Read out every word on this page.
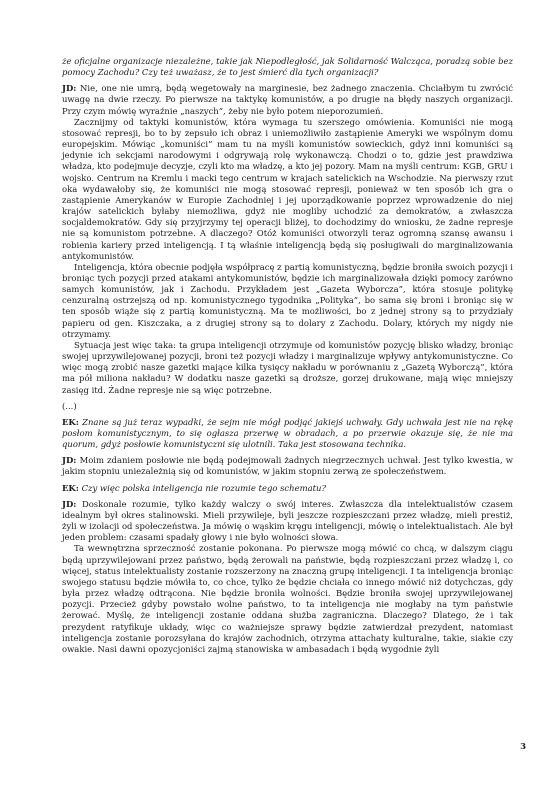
że oficjalne organizacje niezależne, takie jak Niepodległość, jak Solidarność Walcząca, poradzą sobie bez pomocy Zachodu? Czy też uważasz, że to jest śmierć dla tych organizacji?

JD: Nie, one nie umrą, będą wegetowały na marginesie, bez żadnego znaczenia. Chciałbym tu zwrócić uwagę na dwie rzeczy. Po pierwsze na taktykę komunistów, a po drugie na błędy naszych organizacji. Przy czym mówię wyraźnie „naszych”, żeby nie było potem nieporozumień.

Zacznijmy od taktyki komunistów, która wymaga tu szerszego omówienia. Komuniści nie mogą stosować represji, bo to by zepsuło ich obraz i uniemożliwiło zastąpienie Ameryki we wspólnym domu europejskim. Mówiąc „komuniści” mam tu na myśli komunistów sowieckich, gdyż inni komuniści są jedynie ich sekcjami narodowymi i odgrywają rolę wykonawczą. Chodzi o to, gdzie jest prawdziwa władza, kto podejmuje decyzje, czyli kto ma władzę, a kto jej pozory. Mam na myśli centrum: KGB, GRU i wojsko. Centrum na Kremlu i macki tego centrum w krajach satelickich na Wschodzie. Na pierwszy rzut oka wydawałoby się, że komuniści nie mogą stosować represji, ponieważ w ten sposób ich gra o zastąpienie Amerykanów w Europie Zachodniej i jej uporządkowanie poprzez wprowadzenie do niej krajów satelickich byłaby niemożliwa, gdyż nie mogliby uchodzić za demokratów, a zwłaszcza socjaldemokratów. Gdy się przyjrzymy tej operacji bliżej, to dochodzimy do wniosku, że żadne represje nie są komunistom potrzebne. A dlaczego? Otóż komuniści otworzyli teraz ogromną szansę awansu i robienia kariery przed inteligencją. I tą właśnie inteligencją będą się posługiwali do marginalizowania antykomunistów.

Inteligencja, która obecnie podjęła współpracę z partią komunistyczną, będzie broniła swoich pozycji i broniąc tych pozycji przed atakami antykomunistów, będzie ich marginalizowała dzięki pomocy zarówno samych komunistów, jak i Zachodu. Przykładem jest „Gazeta Wyborcza”, która stosuje politykę cenzuralną ostrzejszą od np. komunistycznego tygodnika „Polityka”, bo sama się broni i broniąc się w ten sposób wiąże się z partią komunistyczną. Ma te możliwości, bo z jednej strony są to przydziały papieru od gen. Kiszczaka, a z drugiej strony są to dolary z Zachodu. Dolary, których my nigdy nie otrzymamy.

Sytuacja jest więc taka: ta grupa inteligencji otrzymuje od komunistów pozycję blisko władzy, broniąc swojej uprzywilejowanej pozycji, broni też pozycji władzy i marginalizuje wpływy antykomunistyczne. Co więc mogą zrobić nasze gazetki mające kilka tysięcy nakładu w porównaniu z „Gazetą Wyborczą”, która ma pół miliona nakładu? W dodatku nasze gazetki są droższe, gorzej drukowane, mają więc mniejszy zasięg itd. Żadne represje nie są więc potrzebne.

(...)

EK: Znane są już teraz wypadki, że sejm nie mógł podjąć jakiejś uchwały. Gdy uchwała jest nie na rękę posłom komunistycznym, to się ogłasza przerwę w obradach, a po przerwie okazuje się, że nie ma quorum, gdyż posłowie komunistyczni się ulotnili. Taka jest stosowana technika.

JD: Moim zdaniem posłowie nie będą podejmowali żadnych niegrzecznych uchwał. Jest tylko kwestia, w jakim stopniu uniezależnią się od komunistów, w jakim stopniu zerwą ze społeczeństwem.

EK: Czy więc polska inteligencja nie rozumie tego schematu?

JD: Doskonale rozumie, tylko każdy walczy o swój interes. Zwłaszcza dla intelektualistów czasem idealnym był okres stalinowski. Mieli przywileje, byli jeszcze rozpieszczani przez władzę, mieli prestiż, żyli w izolacji od społeczeństwa. Ja mówię o wąskim kręgu inteligencji, mówię o intelektualistach. Ale był jeden problem: czasami spadały głowy i nie było wolności słowa.

Ta wewnętrzna sprzeczność zostanie pokonana. Po pierwsze mogą mówić co chcą, w dalszym ciągu będą uprzywilejowani przez państwo, będą żerowali na państwie, będą rozpieszczani przez władzę i, co więcej, status intelektualisty zostanie rozszerzony na znaczną grupę inteligencji. I ta inteligencja broniąc swojego statusu będzie mówiła to, co chce, tylko że będzie chciała co innego mówić niż dotychczas, gdy była przez władzę odtrącona. Nie będzie broniła wolności. Będzie broniła swojej uprzywilejowanej pozycji. Przecież gdyby powstało wolne państwo, to ta inteligencja nie mogłaby na tym państwie żerować. Myślę, że inteligencji zostanie oddana służba zagraniczna. Dlaczego? Dlatego, że i tak prezydent ratyfikuje układy, więc co ważniejsze sprawy będzie zatwierdzał prezydent, natomiast inteligencja zostanie porozsyłana do krajów zachodnich, otrzyma attachaty kulturalne, takie, siakie czy owakie. Nasi dawni opozycjoniści zajmą stanowiska w ambasadach i będą wygodnie żyli

3
